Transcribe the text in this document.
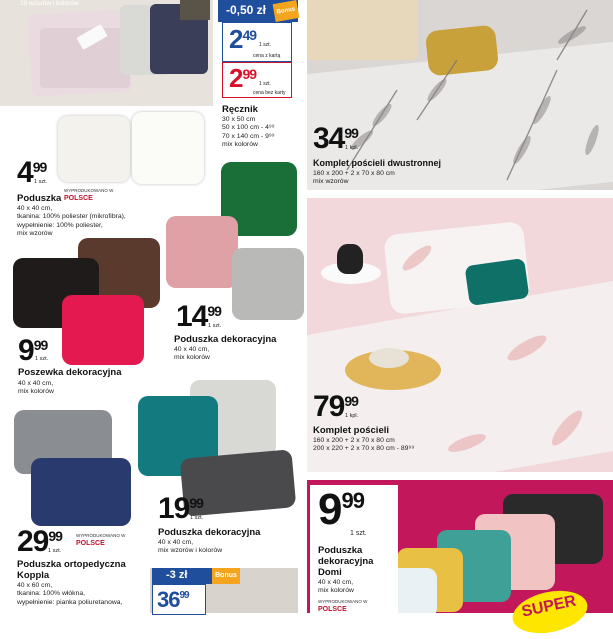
20 wzorów i kolorów	-0,50 zł	Bonus
$2^{49}$
1 szt.
cena z kartą
$2^{99}$
1 szt.
cena bez karty
Ręcznik
30 x 50 cm
50 x 100 cm - 4⁹⁹
70 x 140 cm - 9⁹⁹
mix kolorów	$34^{99}$
1 kpl.
Komplet pościeli dwustronnej
160 x 200 + 2 x 70 x 80 cm
mix wzorów
$4^{99}$
1 szt.
WYPRODUKOWANO W
POLSCE
Poduszka
40 x 40 cm,
tkanina: 100% poliester (mikrofibra),
wypełnienie: 100% poliester,
mix wzorów
$14^{99}$
1 szt.
Poduszka dekoracyjna
40 x 40 cm,
mix kolorów
$9^{99}$
1 szt.
Poszewka dekoracyjna
40 x 40 cm,
mix kolorów	$79^{99}$
1 kpl.
Komplet pościeli
160 x 200 + 2 x 70 x 80 cm
200 x 220 + 2 x 70 x 80 cm - 89⁹⁹
$29^{99}$
1 szt.
WYPRODUKOWANO W
POLSCE
Poduszka ortopedyczna
Koppla
40 x 60 cm,
tkanina: 100% włókna,
wypełnienie: pianka poliuretanowa,
$19^{99}$
1 szt.
Poduszka dekoracyjna
40 x 40 cm,
mix wzorów i kolorów
-3 zł	Bonus
$36^{99}$
$9^{99}$
1 szt.
Poduszka
dekoracyjna
Domi
40 x 40 cm,
mix kolorów
WYPRODUKOWANO W
POLSCE	SUPER
